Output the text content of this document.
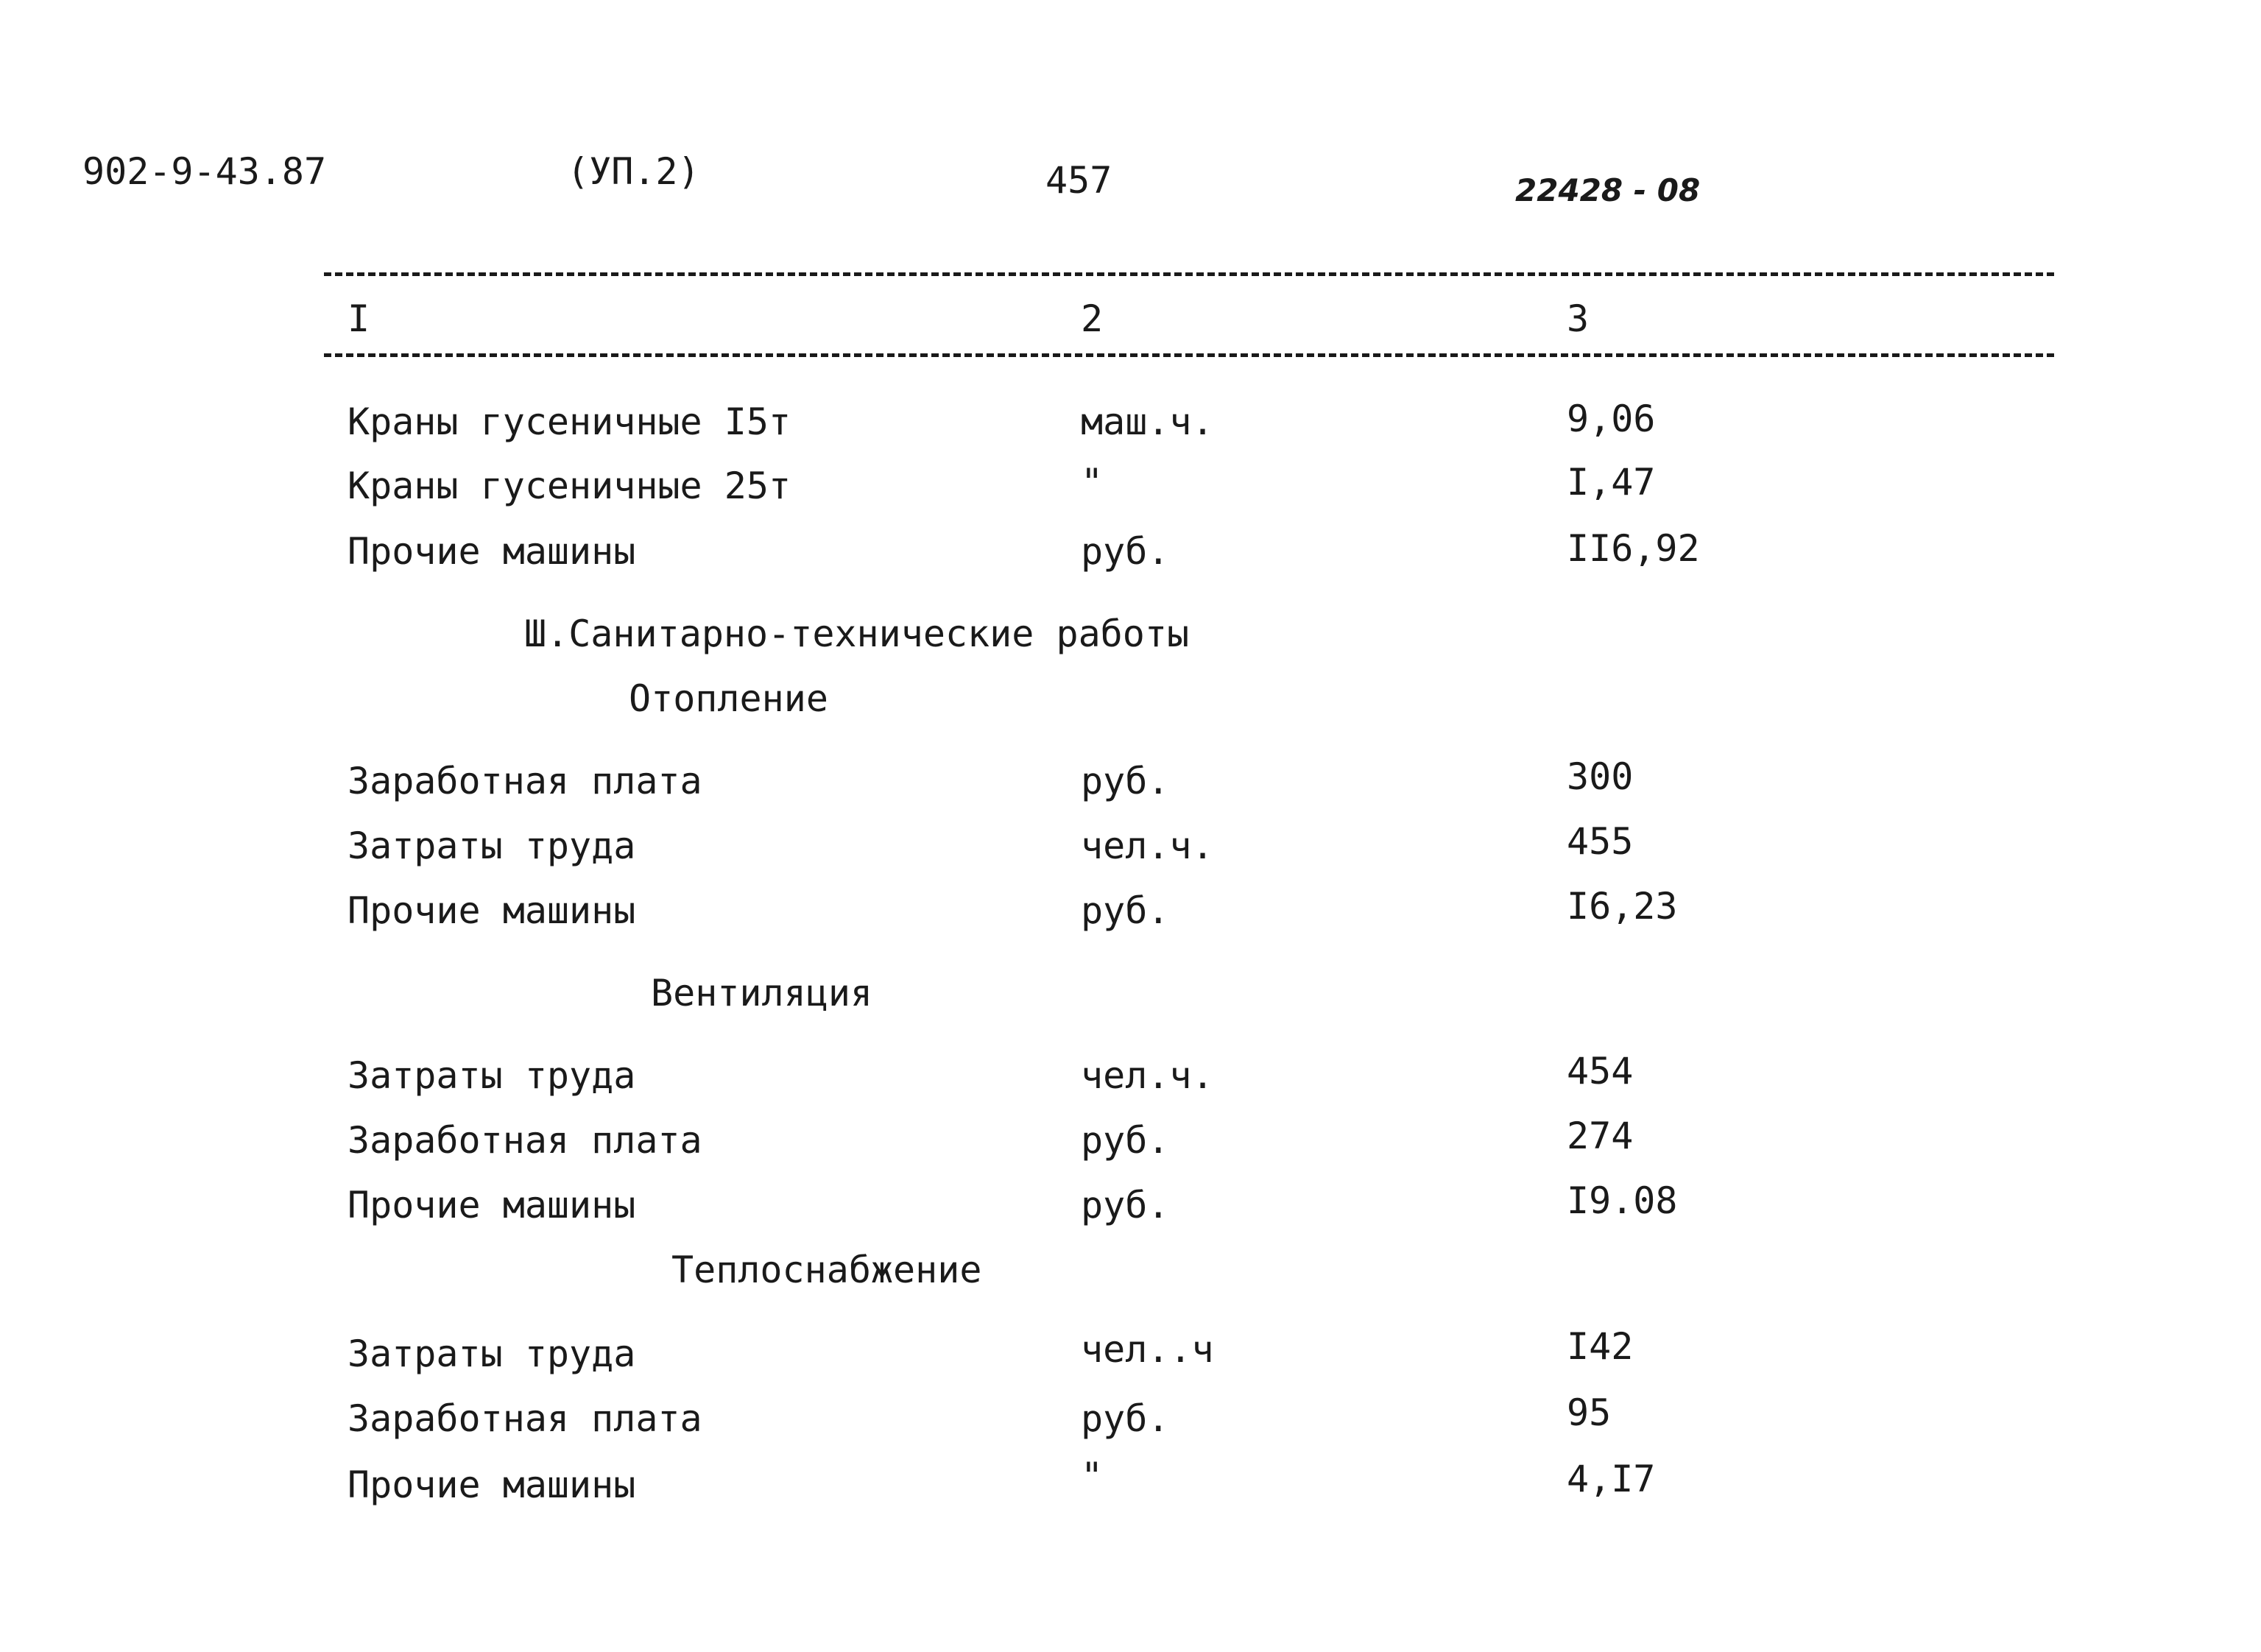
902-9-43.87	(УП.2)	457	22428 - 08
I	2	3
Краны гусеничные I5т	маш.ч.	9,06
Краны гусеничные 25т	"	I,47
Прочие машины	руб.	II6,92
Ш.Санитарно-технические работы
Отопление
Заработная плата	руб.	300
Затраты труда	чел.ч.	455
Прочие машины	руб.	I6,23
Вентиляция
Затраты труда	чел.ч.	454
Заработная плата	руб.	274
Прочие машины	руб.	I9.08
Теплоснабжение
Затраты труда	чел..ч	I42
Заработная плата	руб.	95
Прочие машины	"	4,I7
